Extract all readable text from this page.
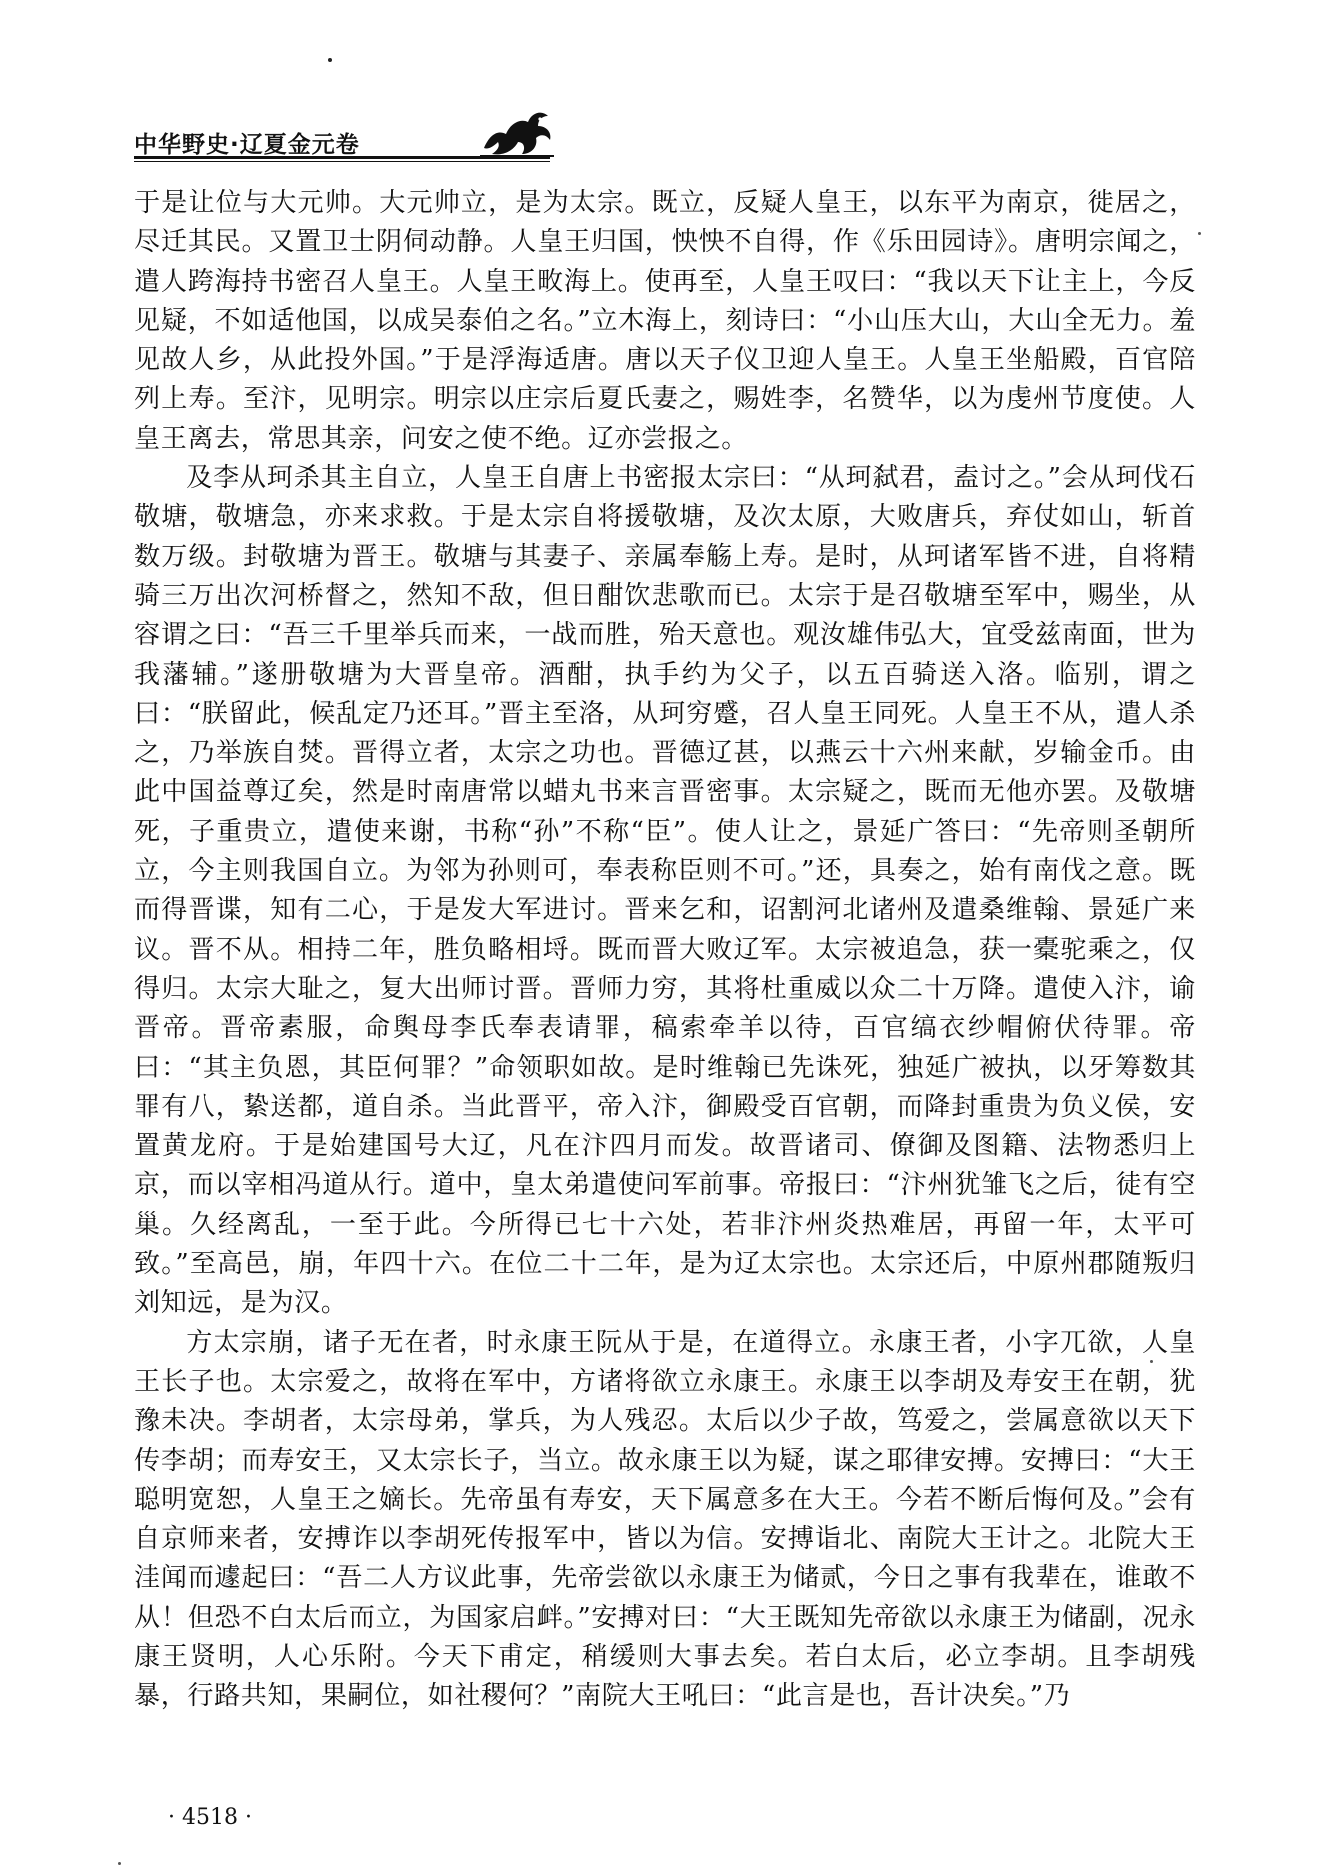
中华野史·辽夏金元卷

于是让位与大元帅。大元帅立，是为太宗。既立，反疑人皇王，以东平为南京，徙居之，尽迁其民。又置卫士阴伺动静。人皇王归国，怏怏不自得，作《乐田园诗》。唐明宗闻之，遣人跨海持书密召人皇王。人皇王畋海上。使再至，人皇王叹曰：“我以天下让主上，今反见疑，不如适他国，以成吴泰伯之名。”立木海上，刻诗曰：“小山压大山，大山全无力。羞见故人乡，从此投外国。”于是浮海适唐。唐以天子仪卫迎人皇王。人皇王坐船殿，百官陪列上寿。至汴，见明宗。明宗以庄宗后夏氏妻之，赐姓李，名赞华，以为虔州节度使。人皇王离去，常思其亲，问安之使不绝。辽亦尝报之。

及李从珂杀其主自立，人皇王自唐上书密报太宗曰：“从珂弑君，盍讨之。”会从珂伐石敬塘，敬塘急，亦来求救。于是太宗自将援敬塘，及次太原，大败唐兵，弃仗如山，斩首数万级。封敬塘为晋王。敬塘与其妻子、亲属奉觞上寿。是时，从珂诸军皆不进，自将精骑三万出次河桥督之，然知不敌，但日酣饮悲歌而已。太宗于是召敬塘至军中，赐坐，从容谓之曰：“吾三千里举兵而来，一战而胜，殆天意也。观汝雄伟弘大，宜受兹南面，世为我藩辅。”遂册敬塘为大晋皇帝。酒酣，执手约为父子，以五百骑送入洛。临别，谓之曰：“朕留此，候乱定乃还耳。”晋主至洛，从珂穷蹙，召人皇王同死。人皇王不从，遣人杀之，乃举族自焚。晋得立者，太宗之功也。晋德辽甚，以燕云十六州来献，岁输金币。由此中国益尊辽矣，然是时南唐常以蜡丸书来言晋密事。太宗疑之，既而无他亦罢。及敬塘死，子重贵立，遣使来谢，书称“孙”不称“臣”。使人让之，景延广答曰：“先帝则圣朝所立，今主则我国自立。为邻为孙则可，奉表称臣则不可。”还，具奏之，始有南伐之意。既而得晋谍，知有二心，于是发大军进讨。晋来乞和，诏割河北诸州及遣桑维翰、景延广来议。晋不从。相持二年，胜负略相埒。既而晋大败辽军。太宗被追急，获一橐驼乘之，仅得归。太宗大耻之，复大出师讨晋。晋师力穷，其将杜重威以众二十万降。遣使入汴，谕晋帝。晋帝素服，命舆母李氏奉表请罪，稿索牵羊以待，百官缟衣纱帽俯伏待罪。帝曰：“其主负恩，其臣何罪？”命领职如故。是时维翰已先诛死，独延广被执，以牙筹数其罪有八，絷送都，道自杀。当此晋平，帝入汴，御殿受百官朝，而降封重贵为负义侯，安置黄龙府。于是始建国号大辽，凡在汴四月而发。故晋诸司、僚御及图籍、法物悉归上京，而以宰相冯道从行。道中，皇太弟遣使问军前事。帝报曰：“汴州犹雏飞之后，徒有空巢。久经离乱，一至于此。今所得已七十六处，若非汴州炎热难居，再留一年，太平可致。”至高邑，崩，年四十六。在位二十二年，是为辽太宗也。太宗还后，中原州郡随叛归刘知远，是为汉。

方太宗崩，诸子无在者，时永康王阮从于是，在道得立。永康王者，小字兀欲，人皇王长子也。太宗爱之，故将在军中，方诸将欲立永康王。永康王以李胡及寿安王在朝，犹豫未决。李胡者，太宗母弟，掌兵，为人残忍。太后以少子故，笃爱之，尝属意欲以天下传李胡；而寿安王，又太宗长子，当立。故永康王以为疑，谋之耶律安搏。安搏曰：“大王聪明宽恕，人皇王之嫡长。先帝虽有寿安，天下属意多在大王。今若不断后悔何及。”会有自京师来者，安搏诈以李胡死传报军中，皆以为信。安搏诣北、南院大王计之。北院大王洼闻而遽起曰：“吾二人方议此事，先帝尝欲以永康王为储贰，今日之事有我辈在，谁敢不从！但恐不白太后而立，为国家启衅。”安搏对曰：“大王既知先帝欲以永康王为储副，况永康王贤明，人心乐附。今天下甫定，稍缓则大事去矣。若白太后，必立李胡。且李胡残暴，行路共知，果嗣位，如社稷何？”南院大王吼曰：“此言是也，吾计决矣。”乃

· 4518 ·
